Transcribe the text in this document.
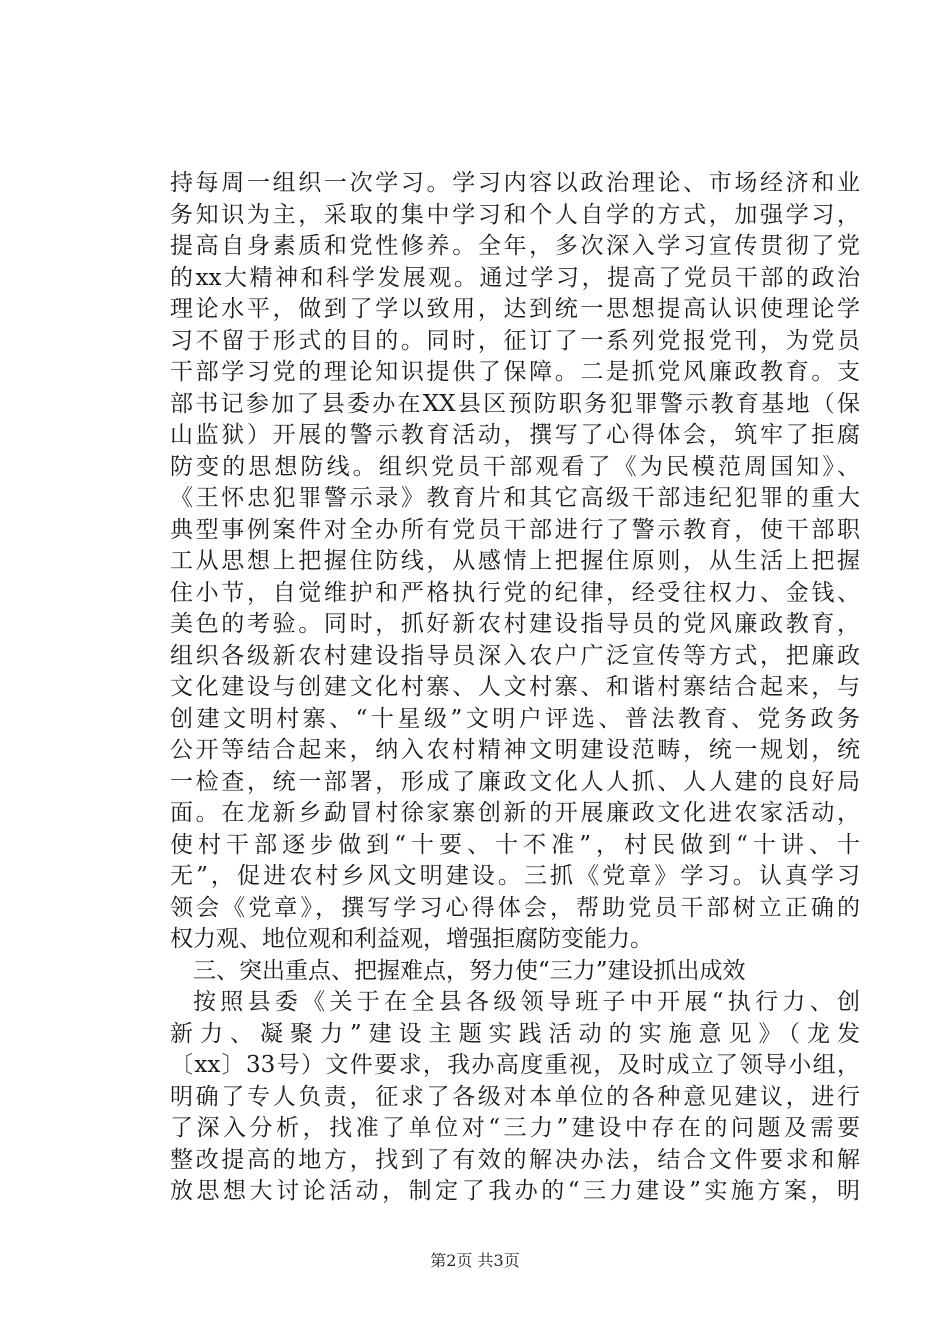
持每周一组织一次学习。学习内容以政治理论、市场经济和业
务知识为主，采取的集中学习和个人自学的方式，加强学习，
提高自身素质和党性修养。全年，多次深入学习宣传贯彻了党
的xx大精神和科学发展观。通过学习，提高了党员干部的政治
理论水平，做到了学以致用，达到统一思想提高认识使理论学
习不留于形式的目的。同时，征订了一系列党报党刊，为党员
干部学习党的理论知识提供了保障。二是抓党风廉政教育。支
部书记参加了县委办在XX县区预防职务犯罪警示教育基地（保
山监狱）开展的警示教育活动，撰写了心得体会，筑牢了拒腐
防变的思想防线。组织党员干部观看了《为民模范周国知》、
《王怀忠犯罪警示录》教育片和其它高级干部违纪犯罪的重大
典型事例案件对全办所有党员干部进行了警示教育，使干部职
工从思想上把握住防线，从感情上把握住原则，从生活上把握
住小节，自觉维护和严格执行党的纪律，经受往权力、金钱、
美色的考验。同时，抓好新农村建设指导员的党风廉政教育，
组织各级新农村建设指导员深入农户广泛宣传等方式，把廉政
文化建设与创建文化村寨、人文村寨、和谐村寨结合起来，与
创建文明村寨、“十星级”文明户评选、普法教育、党务政务
公开等结合起来，纳入农村精神文明建设范畴，统一规划，统
一检查，统一部署，形成了廉政文化人人抓、人人建的良好局
面。在龙新乡勐冒村徐家寨创新的开展廉政文化进农家活动，
使村干部逐步做到“十要、十不准”，村民做到“十讲、十
无”，促进农村乡风文明建设。三抓《党章》学习。认真学习
领会《党章》，撰写学习心得体会，帮助党员干部树立正确的
权力观、地位观和利益观，增强拒腐防变能力。
三、突出重点、把握难点，努力使“三力”建设抓出成效
按照县委《关于在全县各级领导班子中开展“执行力、创
新力、凝聚力”建设主题实践活动的实施意见》（龙发
〔xx〕33号）文件要求，我办高度重视，及时成立了领导小组，
明确了专人负责，征求了各级对本单位的各种意见建议，进行
了深入分析，找准了单位对“三力”建设中存在的问题及需要
整改提高的地方，找到了有效的解决办法，结合文件要求和解
放思想大讨论活动，制定了我办的“三力建设”实施方案，明
第2页 共3页
